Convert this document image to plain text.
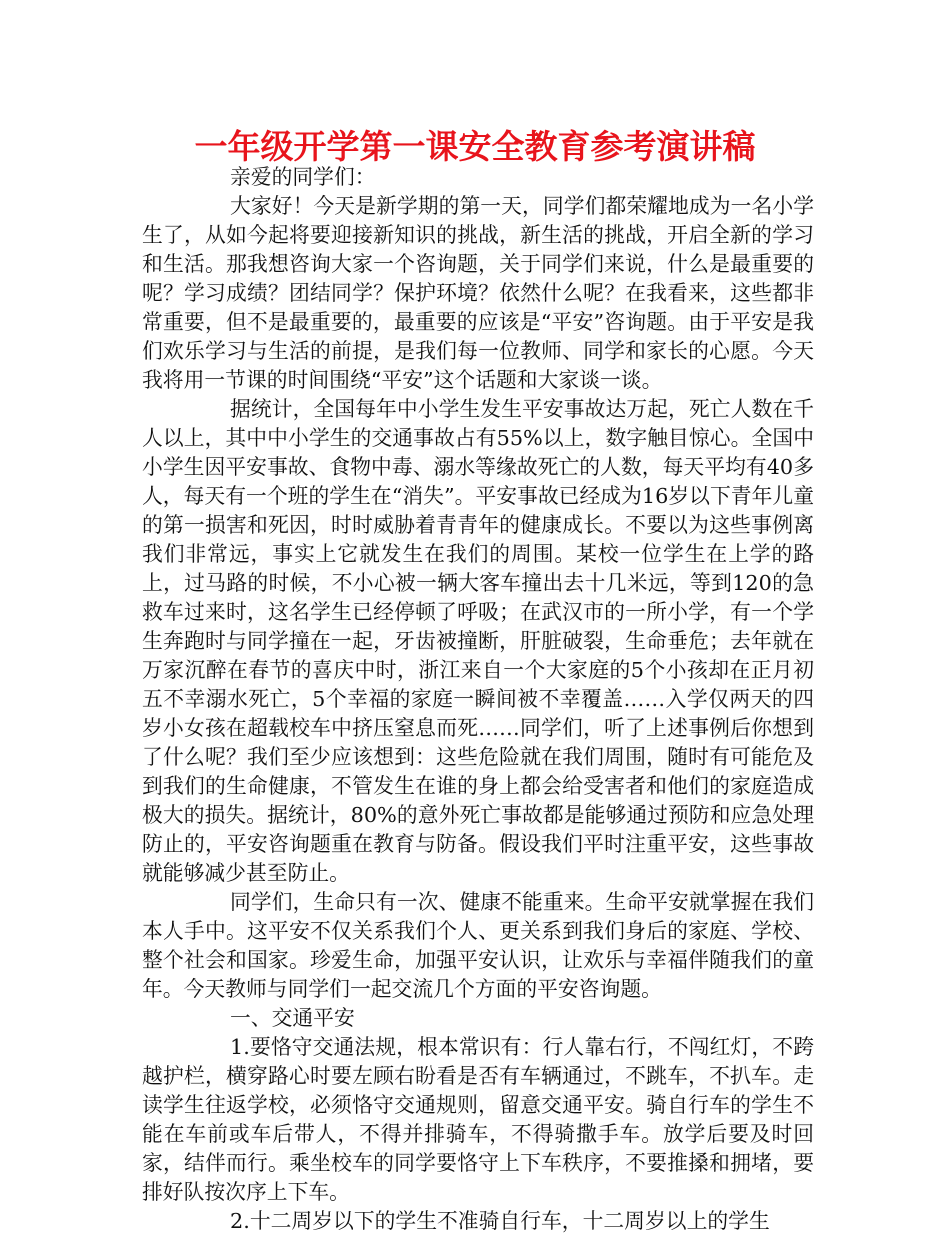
一年级开学第一课安全教育参考演讲稿

亲爱的同学们：

大家好！今天是新学期的第一天，同学们都荣耀地成为一名小学生了，从如今起将要迎接新知识的挑战，新生活的挑战，开启全新的学习和生活。那我想咨询大家一个咨询题，关于同学们来说，什么是最重要的呢？学习成绩？团结同学？保护环境？依然什么呢？在我看来，这些都非常重要，但不是最重要的，最重要的应该是“平安”咨询题。由于平安是我们欢乐学习与生活的前提，是我们每一位教师、同学和家长的心愿。今天我将用一节课的时间围绕“平安”这个话题和大家谈一谈。

据统计，全国每年中小学生发生平安事故达万起，死亡人数在千人以上，其中中小学生的交通事故占有55%以上，数字触目惊心。全国中小学生因平安事故、食物中毒、溺水等缘故死亡的人数，每天平均有40多人，每天有一个班的学生在“消失”。平安事故已经成为16岁以下青年儿童的第一损害和死因，时时威胁着青青年的健康成长。不要以为这些事例离我们非常远，事实上它就发生在我们的周围。某校一位学生在上学的路上，过马路的时候，不小心被一辆大客车撞出去十几米远，等到120的急救车过来时，这名学生已经停顿了呼吸；在武汉市的一所小学，有一个学生奔跑时与同学撞在一起，牙齿被撞断，肝脏破裂，生命垂危；去年就在万家沉醉在春节的喜庆中时，浙江来自一个大家庭的5个小孩却在正月初五不幸溺水死亡，5个幸福的家庭一瞬间被不幸覆盖……入学仅两天的四岁小女孩在超载校车中挤压窒息而死……同学们，听了上述事例后你想到了什么呢？我们至少应该想到：这些危险就在我们周围，随时有可能危及到我们的生命健康，不管发生在谁的身上都会给受害者和他们的家庭造成极大的损失。据统计，80%的意外死亡事故都是能够通过预防和应急处理防止的，平安咨询题重在教育与防备。假设我们平时注重平安，这些事故就能够减少甚至防止。

同学们，生命只有一次、健康不能重来。生命平安就掌握在我们本人手中。这平安不仅关系我们个人、更关系到我们身后的家庭、学校、整个社会和国家。珍爱生命，加强平安认识，让欢乐与幸福伴随我们的童年。今天教师与同学们一起交流几个方面的平安咨询题。

一、交通平安

1.要恪守交通法规，根本常识有：行人靠右行，不闯红灯，不跨越护栏，横穿路心时要左顾右盼看是否有车辆通过，不跳车，不扒车。走读学生往返学校，必须恪守交通规则，留意交通平安。骑自行车的学生不能在车前或车后带人，不得并排骑车，不得骑撒手车。放学后要及时回家，结伴而行。乘坐校车的同学要恪守上下车秩序，不要推搡和拥堵，要排好队按次序上下车。

2.十二周岁以下的学生不准骑自行车，十二周岁以上的学生
